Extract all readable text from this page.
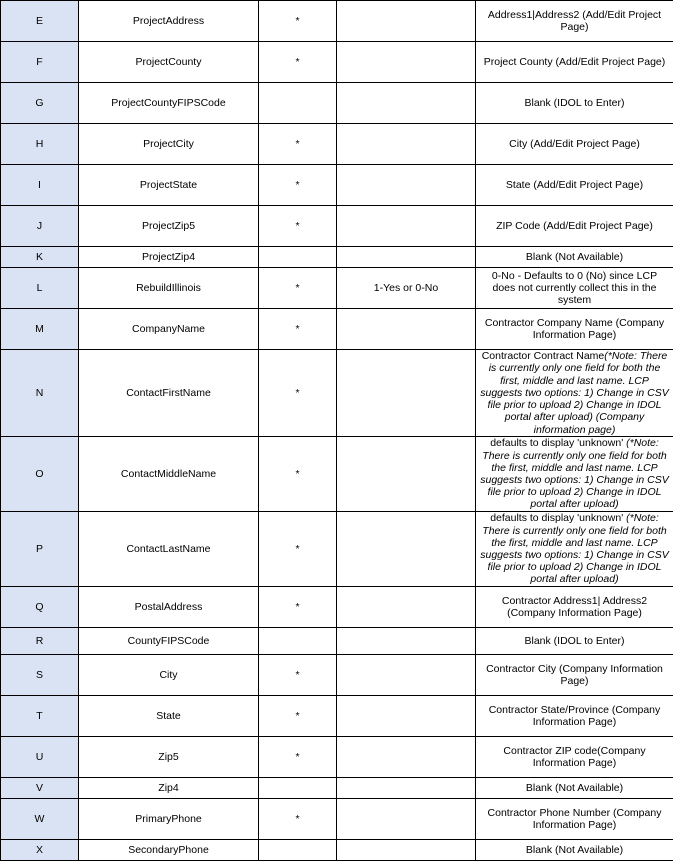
E	ProjectAddress	*		Address1|Address2 (Add/Edit Project Page)
F	ProjectCounty	*		Project County (Add/Edit Project Page)
G	ProjectCountyFIPSCode			Blank (IDOL to Enter)
H	ProjectCity	*		City (Add/Edit Project Page)
I	ProjectState	*		State (Add/Edit Project Page)
J	ProjectZip5	*		ZIP Code (Add/Edit Project Page)
K	ProjectZip4			Blank (Not Available)
L	RebuildIllinois	*	1-Yes or 0-No	0-No - Defaults to 0 (No) since LCP does not currently collect this in the system
M	CompanyName	*		Contractor Company Name (Company Information Page)
N	ContactFirstName	*		Contractor Contract Name(*Note: There is currently only one field for both the first, middle and last name. LCP suggests two options: 1) Change in CSV file prior to upload 2) Change in IDOL portal after upload) (Company information page)
O	ContactMiddleName	*		defaults to display 'unknown' (*Note: There is currently only one field for both the first, middle and last name. LCP suggests two options: 1) Change in CSV file prior to upload 2) Change in IDOL portal after upload)
P	ContactLastName	*		defaults to display 'unknown' (*Note: There is currently only one field for both the first, middle and last name. LCP suggests two options: 1) Change in CSV file prior to upload 2) Change in IDOL portal after upload)
Q	PostalAddress	*		Contractor Address1| Address2 (Company Information Page)
R	CountyFIPSCode			Blank (IDOL to Enter)
S	City	*		Contractor City (Company Information Page)
T	State	*		Contractor State/Province (Company Information Page)
U	Zip5	*		Contractor ZIP code(Company Information Page)
V	Zip4			Blank (Not Available)
W	PrimaryPhone	*		Contractor Phone Number (Company Information Page)
X	SecondaryPhone			Blank (Not Available)
